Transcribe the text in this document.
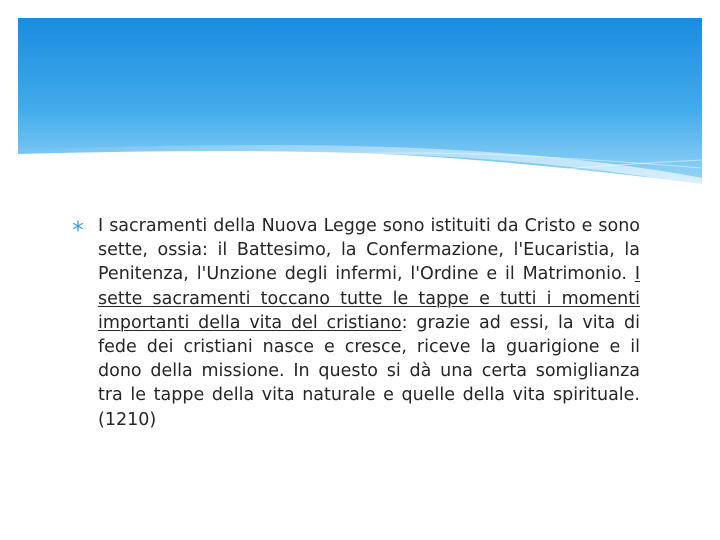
I sacramenti della Nuova Legge sono istituiti da Cristo e sono sette, ossia: il Battesimo, la Confermazione, l'Eucaristia, la Penitenza, l'Unzione degli infermi, l'Ordine e il Matrimonio. I sette sacramenti toccano tutte le tappe e tutti i momenti importanti della vita del cristiano: grazie ad essi, la vita di fede dei cristiani nasce e cresce, riceve la guarigione e il dono della missione. In questo si dà una certa somiglianza tra le tappe della vita naturale e quelle della vita spirituale. (1210)
